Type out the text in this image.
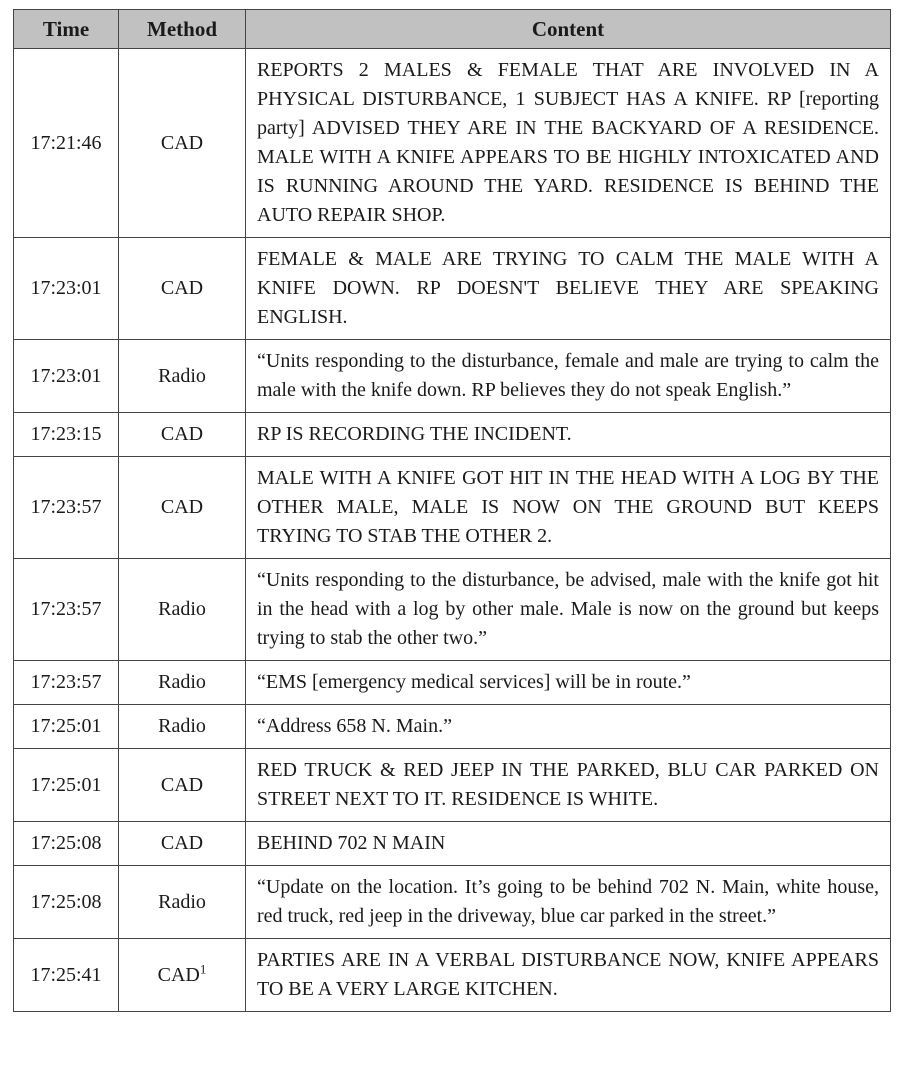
Time	Method	Content
17:21:46	CAD	REPORTS 2 MALES & FEMALE THAT ARE INVOLVED IN A PHYSICAL DISTURBANCE, 1 SUBJECT HAS A KNIFE. RP [reporting party] ADVISED THEY ARE IN THE BACKYARD OF A RESIDENCE. MALE WITH A KNIFE APPEARS TO BE HIGHLY INTOXICATED AND IS RUNNING AROUND THE YARD. RESIDENCE IS BEHIND THE AUTO REPAIR SHOP.
17:23:01	CAD	FEMALE & MALE ARE TRYING TO CALM THE MALE WITH A KNIFE DOWN. RP DOESN'T BELIEVE THEY ARE SPEAKING ENGLISH.
17:23:01	Radio	“Units responding to the disturbance, female and male are trying to calm the male with the knife down. RP believes they do not speak English.”
17:23:15	CAD	RP IS RECORDING THE INCIDENT.
17:23:57	CAD	MALE WITH A KNIFE GOT HIT IN THE HEAD WITH A LOG BY THE OTHER MALE, MALE IS NOW ON THE GROUND BUT KEEPS TRYING TO STAB THE OTHER 2.
17:23:57	Radio	“Units responding to the disturbance, be advised, male with the knife got hit in the head with a log by other male. Male is now on the ground but keeps trying to stab the other two.”
17:23:57	Radio	“EMS [emergency medical services] will be in route.”
17:25:01	Radio	“Address 658 N. Main.”
17:25:01	CAD	RED TRUCK & RED JEEP IN THE PARKED, BLU CAR PARKED ON STREET NEXT TO IT. RESIDENCE IS WHITE.
17:25:08	CAD	BEHIND 702 N MAIN
17:25:08	Radio	“Update on the location. It’s going to be behind 702 N. Main, white house, red truck, red jeep in the driveway, blue car parked in the street.”
17:25:41	CAD$^1$	PARTIES ARE IN A VERBAL DISTURBANCE NOW, KNIFE APPEARS TO BE A VERY LARGE KITCHEN.
